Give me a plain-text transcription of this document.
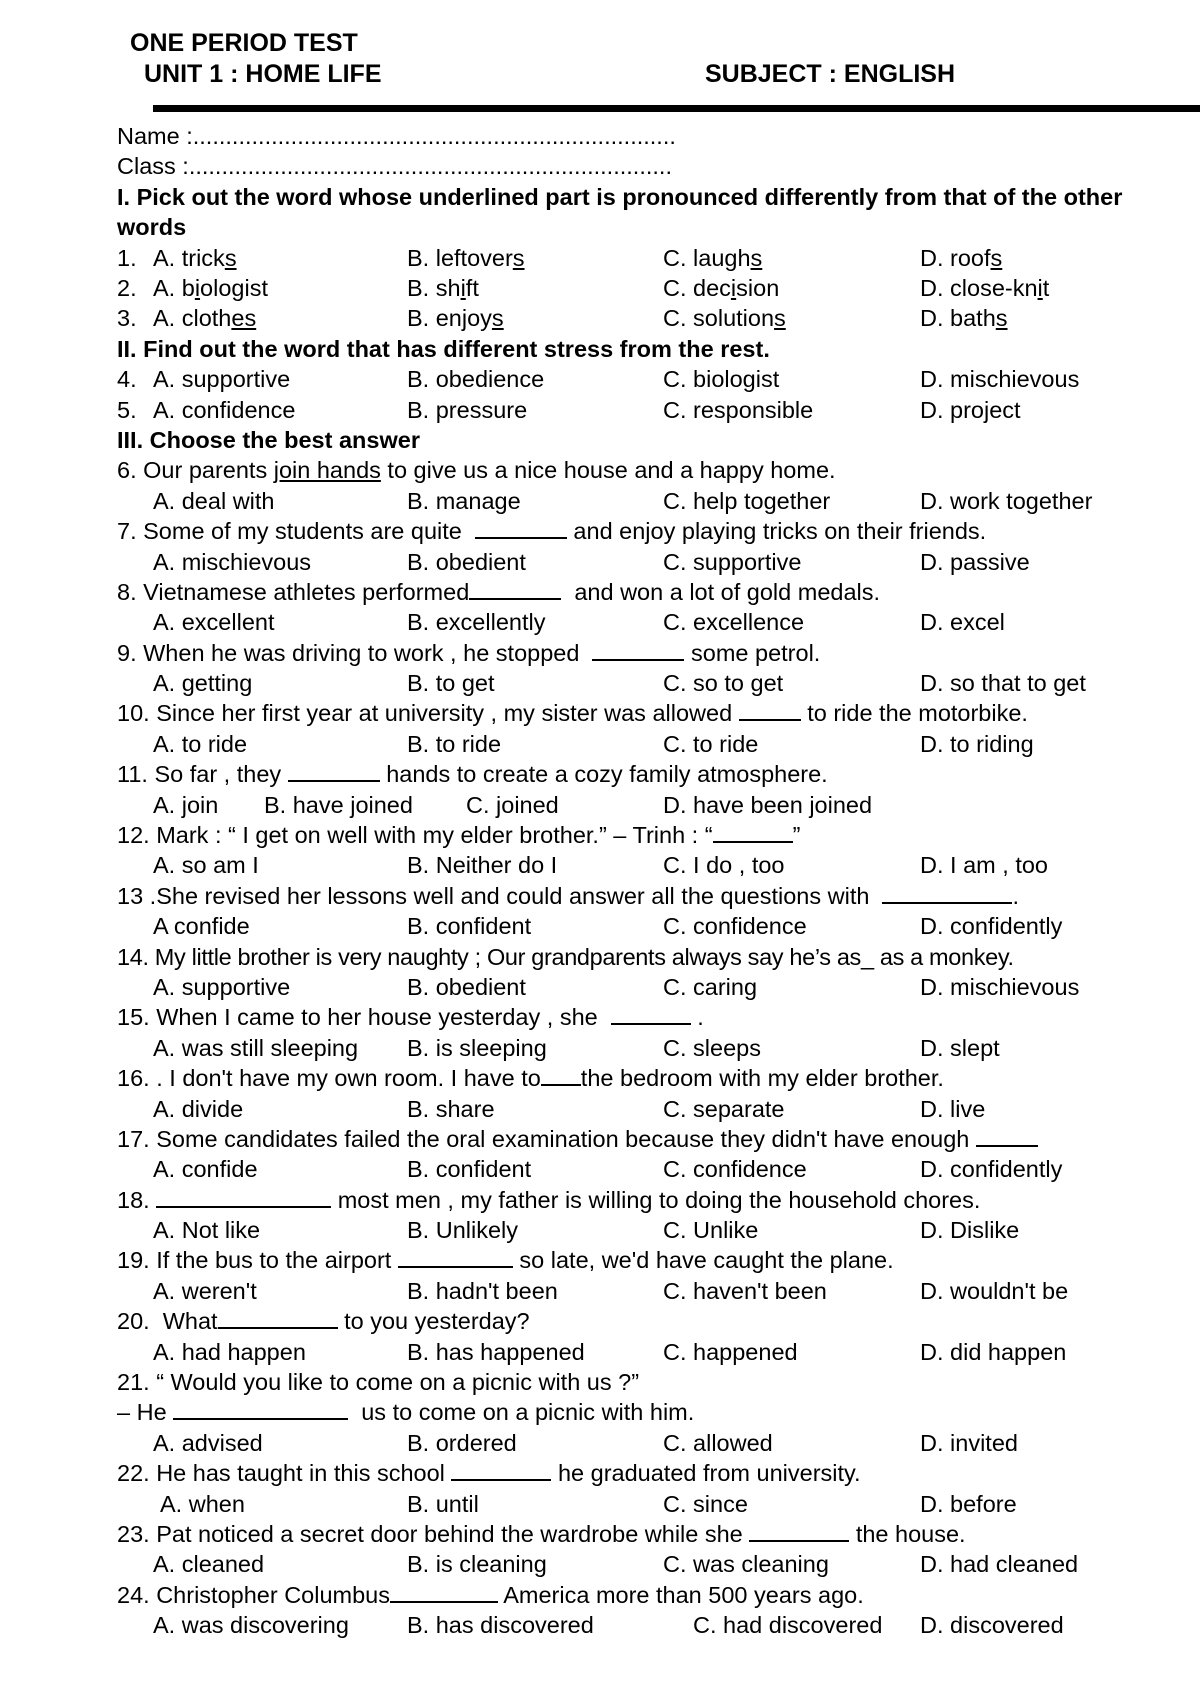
ONE PERIOD TEST
UNIT 1 : HOME LIFE	SUBJECT : ENGLISH
Name :..........................................................................
Class :..........................................................................
I. Pick out the word whose underlined part is pronounced differently from that of the other words
1. A. tricks	B. leftovers	C. laughs	D. roofs
2. A. biologist	B. shift	C. decision	D. close-knit
3. A. clothes	B. enjoys	C. solutions	D. baths
II. Find out the word that has different stress from the rest.
4. A. supportive	B. obedience	C. biologist	D. mischievous
5. A. confidence	B. pressure	C. responsible	D. project
III. Choose the best answer
6. Our parents join hands to give us a nice house and a happy home.
A. deal with	B. manage	C. help together	D. work together
7. Some of my students are quite	and enjoy playing tricks on their friends.
A. mischievous	B. obedient	C. supportive	D. passive
8. Vietnamese athletes performed	and won a lot of gold medals.
A. excellent	B. excellently	C. excellence	D. excel
9. When he was driving to work , he stopped	some petrol.
A. getting	B. to get	C. so to get	D. so that to get
10. Since her first year at university , my sister was allowed	to ride the motorbike.
A. to ride	B. to ride	C. to ride	D. to riding
11. So far , they	hands to create a cozy family atmosphere.
A. join B. have joined C. joined	D. have been joined
12. Mark : “ I get on well with my elder brother.” – Trinh : “	”
A. so am I	B. Neither do I	C. I do , too	D. I am , too
13 .She revised her lessons well and could answer all the questions with	.
A confide	B. confident	C. confidence	D. confidently
14. My little brother is very naughty ; Our grandparents always say he’s as_ as a monkey.
A. supportive	B. obedient	C. caring	D. mischievous
15. When I came to her house yesterday , she	.
A. was still sleeping B. is sleeping	C. sleeps	D. slept
16. . I don't have my own room. I have to the bedroom with my elder brother.
A. divide	B. share	C. separate	D. live
17. Some candidates failed the oral examination because they didn't have enough
A. confide	B. confident	C. confidence	D. confidently
18.	most men , my father is willing to doing the household chores.
A. Not like	B. Unlikely	C. Unlike	D. Dislike
19. If the bus to the airport	so late, we'd have caught the plane.
A. weren't	B. hadn't been	C. haven't been	D. wouldn't be
20.  What	to you yesterday?
A. had happen	B. has happened	C. happened	D. did happen
21. “ Would you like to come on a picnic with us ?”
– He	us to come on a picnic with him.
A. advised	B. ordered	C. allowed	D. invited
22. He has taught in this school	he graduated from university.
A. when	B. until	C. since	D. before
23. Pat noticed a secret door behind the wardrobe while she	the house.
A. cleaned	B. is cleaning	C. was cleaning	D. had cleaned
24. Christopher Columbus	America more than 500 years ago.
A. was discovering B. has discovered	C. had discovered D. discovered
